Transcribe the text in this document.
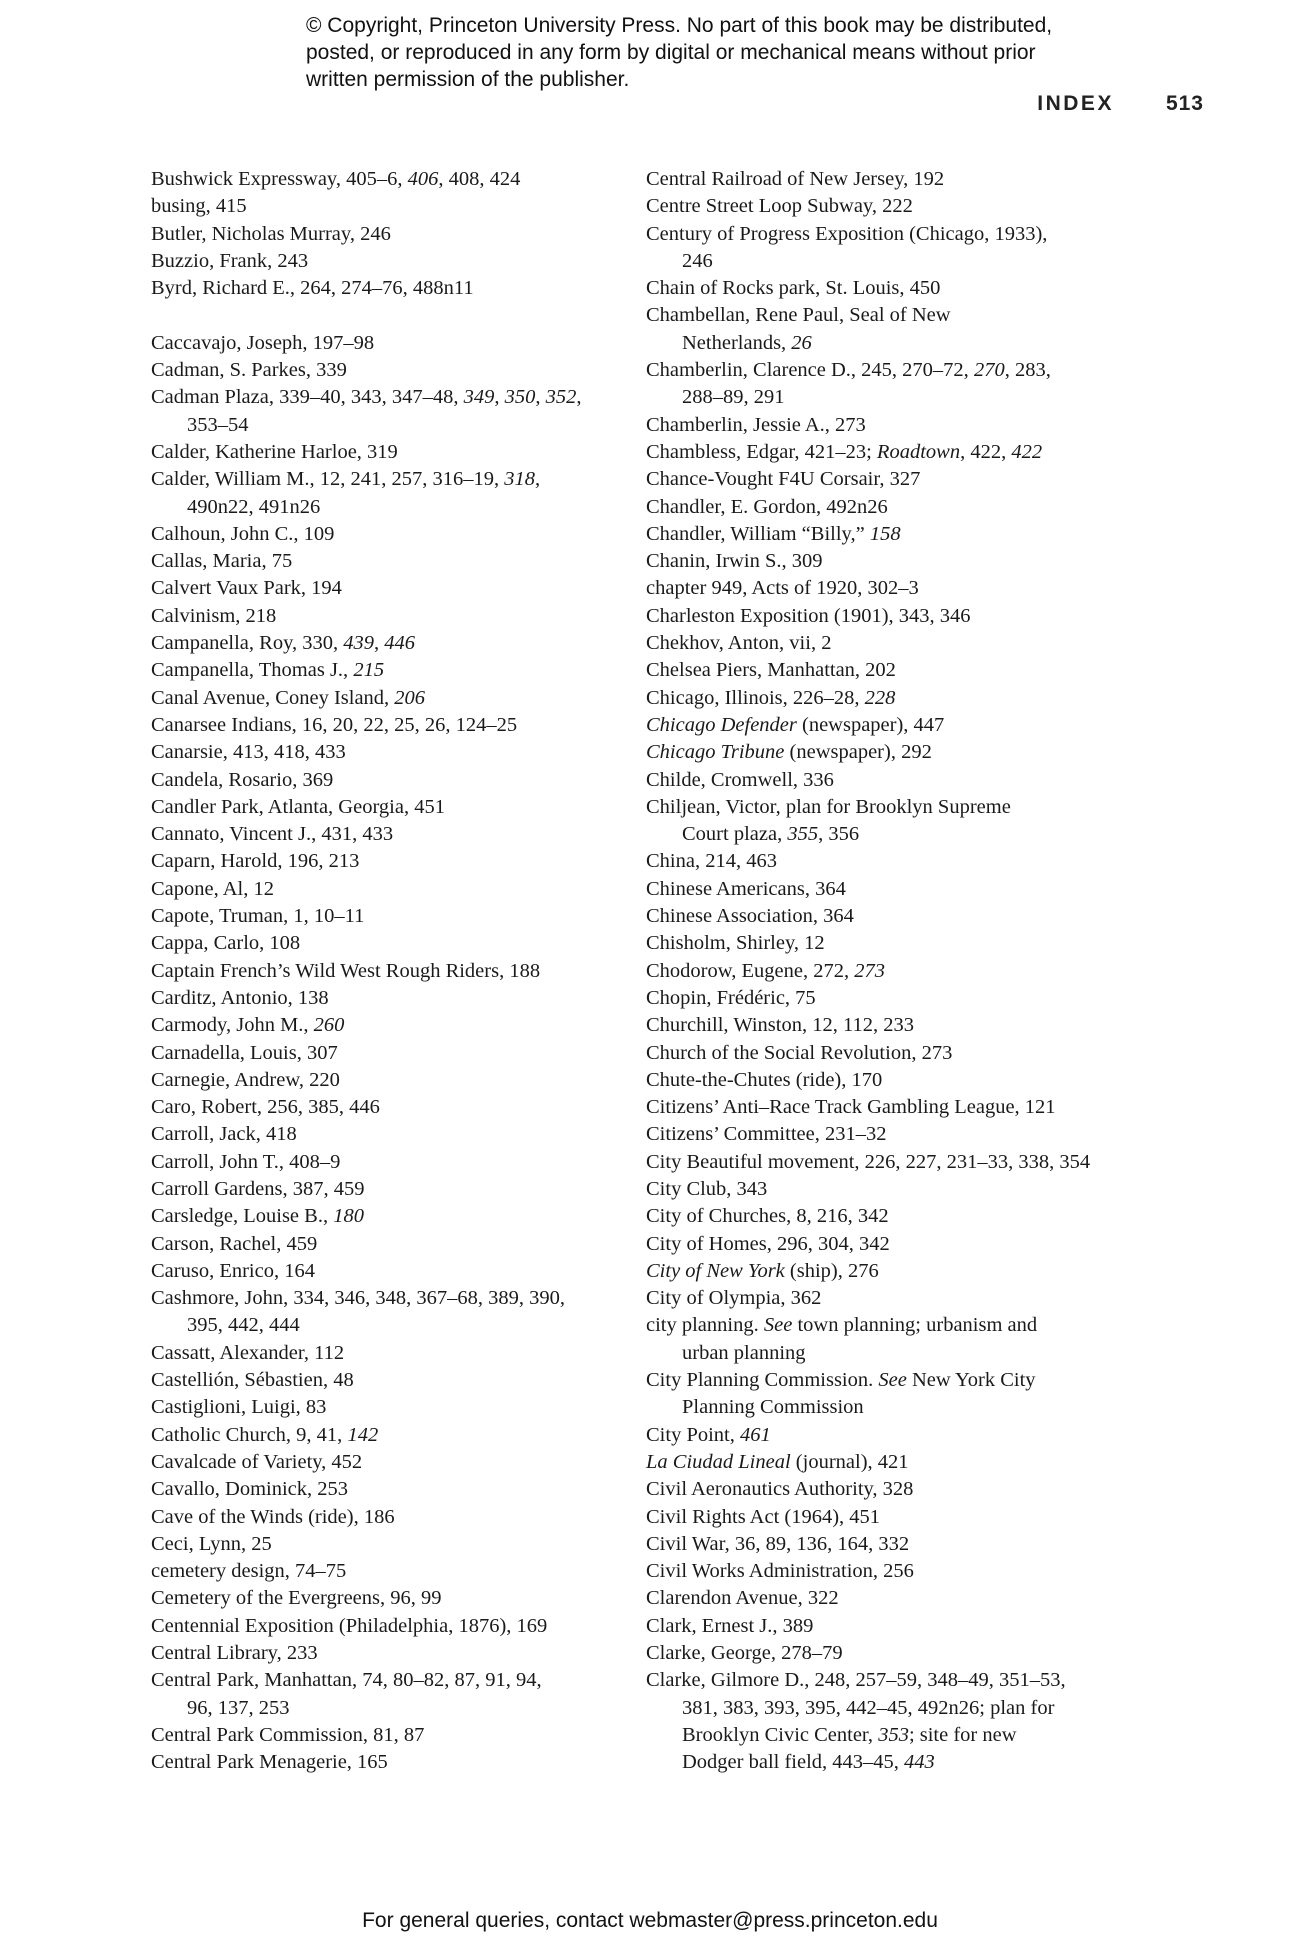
© Copyright, Princeton University Press. No part of this book may be distributed, posted, or reproduced in any form by digital or mechanical means without prior written permission of the publisher.
INDEX 513
Bushwick Expressway, 405–6, 406, 408, 424
busing, 415
Butler, Nicholas Murray, 246
Buzzio, Frank, 243
Byrd, Richard E., 264, 274–76, 488n11
Caccavajo, Joseph, 197–98
Cadman, S. Parkes, 339
Cadman Plaza, 339–40, 343, 347–48, 349, 350, 352,
353–54
Calder, Katherine Harloe, 319
Calder, William M., 12, 241, 257, 316–19, 318,
490n22, 491n26
Calhoun, John C., 109
Callas, Maria, 75
Calvert Vaux Park, 194
Calvinism, 218
Campanella, Roy, 330, 439, 446
Campanella, Thomas J., 215
Canal Avenue, Coney Island, 206
Canarsee Indians, 16, 20, 22, 25, 26, 124–25
Canarsie, 413, 418, 433
Candela, Rosario, 369
Candler Park, Atlanta, Georgia, 451
Cannato, Vincent J., 431, 433
Caparn, Harold, 196, 213
Capone, Al, 12
Capote, Truman, 1, 10–11
Cappa, Carlo, 108
Captain French’s Wild West Rough Riders, 188
Carditz, Antonio, 138
Carmody, John M., 260
Carnadella, Louis, 307
Carnegie, Andrew, 220
Caro, Robert, 256, 385, 446
Carroll, Jack, 418
Carroll, John T., 408–9
Carroll Gardens, 387, 459
Carsledge, Louise B., 180
Carson, Rachel, 459
Caruso, Enrico, 164
Cashmore, John, 334, 346, 348, 367–68, 389, 390,
395, 442, 444
Cassatt, Alexander, 112
Castellión, Sébastien, 48
Castiglioni, Luigi, 83
Catholic Church, 9, 41, 142
Cavalcade of Variety, 452
Cavallo, Dominick, 253
Cave of the Winds (ride), 186
Ceci, Lynn, 25
cemetery design, 74–75
Cemetery of the Evergreens, 96, 99
Centennial Exposition (Philadelphia, 1876), 169
Central Library, 233
Central Park, Manhattan, 74, 80–82, 87, 91, 94,
96, 137, 253
Central Park Commission, 81, 87
Central Park Menagerie, 165
Central Railroad of New Jersey, 192
Centre Street Loop Subway, 222
Century of Progress Exposition (Chicago, 1933),
246
Chain of Rocks park, St. Louis, 450
Chambellan, Rene Paul, Seal of New
Netherlands, 26
Chamberlin, Clarence D., 245, 270–72, 270, 283,
288–89, 291
Chamberlin, Jessie A., 273
Chambless, Edgar, 421–23; Roadtown, 422, 422
Chance-Vought F4U Corsair, 327
Chandler, E. Gordon, 492n26
Chandler, William “Billy,” 158
Chanin, Irwin S., 309
chapter 949, Acts of 1920, 302–3
Charleston Exposition (1901), 343, 346
Chekhov, Anton, vii, 2
Chelsea Piers, Manhattan, 202
Chicago, Illinois, 226–28, 228
Chicago Defender (newspaper), 447
Chicago Tribune (newspaper), 292
Childe, Cromwell, 336
Chiljean, Victor, plan for Brooklyn Supreme
Court plaza, 355, 356
China, 214, 463
Chinese Americans, 364
Chinese Association, 364
Chisholm, Shirley, 12
Chodorow, Eugene, 272, 273
Chopin, Frédéric, 75
Churchill, Winston, 12, 112, 233
Church of the Social Revolution, 273
Chute-the-Chutes (ride), 170
Citizens’ Anti–Race Track Gambling League, 121
Citizens’ Committee, 231–32
City Beautiful movement, 226, 227, 231–33, 338, 354
City Club, 343
City of Churches, 8, 216, 342
City of Homes, 296, 304, 342
City of New York (ship), 276
City of Olympia, 362
city planning. See town planning; urbanism and
urban planning
City Planning Commission. See New York City
Planning Commission
City Point, 461
La Ciudad Lineal (journal), 421
Civil Aeronautics Authority, 328
Civil Rights Act (1964), 451
Civil War, 36, 89, 136, 164, 332
Civil Works Administration, 256
Clarendon Avenue, 322
Clark, Ernest J., 389
Clarke, George, 278–79
Clarke, Gilmore D., 248, 257–59, 348–49, 351–53,
381, 383, 393, 395, 442–45, 492n26; plan for
Brooklyn Civic Center, 353; site for new
Dodger ball field, 443–45, 443
For general queries, contact webmaster@press.princeton.edu
